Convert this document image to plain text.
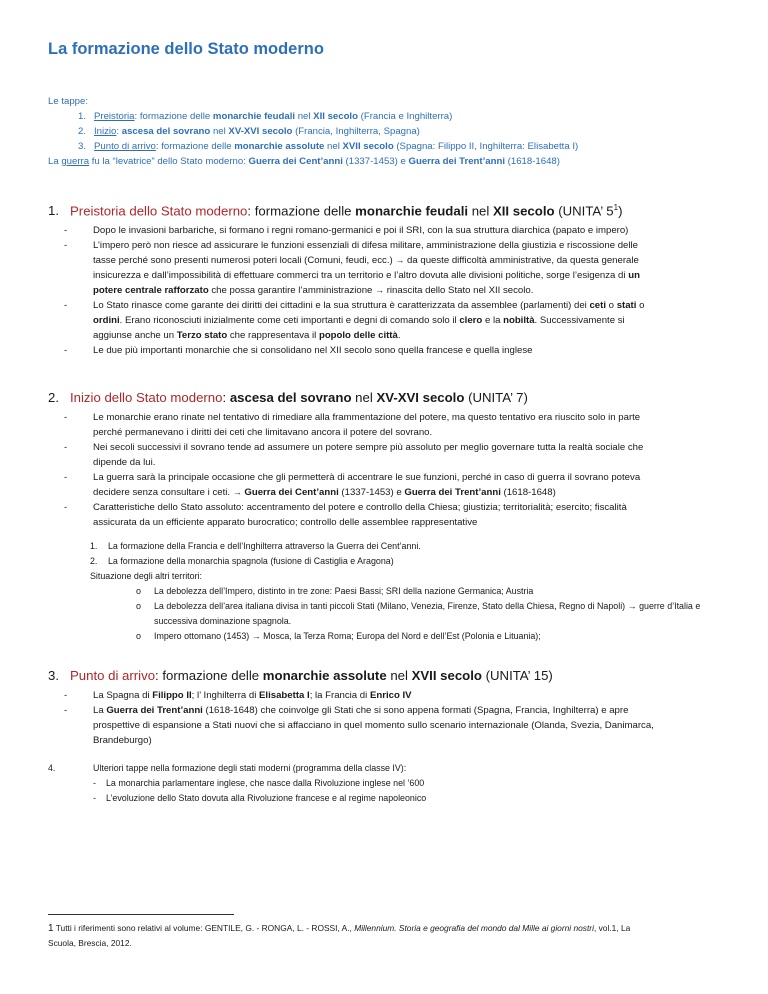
La formazione dello Stato moderno
Le tappe:
1. Preistoria: formazione delle monarchie feudali nel XII secolo (Francia e Inghilterra)
2. Inizio: ascesa del sovrano nel XV-XVI secolo (Francia, Inghilterra, Spagna)
3. Punto di arrivo: formazione delle monarchie assolute nel XVII secolo (Spagna: Filippo II, Inghilterra: Elisabetta I)
La guerra fu la “levatrice” dello Stato moderno: Guerra dei Cent’anni (1337-1453) e Guerra dei Trent’anni (1618-1648)
1. Preistoria dello Stato moderno: formazione delle monarchie feudali nel XII secolo (UNITA’ $5^1$)

-	Dopo le invasioni barbariche, si formano i regni romano-germanici e poi il SRI, con la sua struttura diarchica (papato e impero)

-	L’impero però non riesce ad assicurare le funzioni essenziali di difesa militare, amministrazione della giustizia e riscossione delle
tasse perché sono presenti numerosi poteri locali (Comuni, feudi, ecc.) → da queste difficoltà amministrative, da questa generale
insicurezza e dall’impossibilità di effettuare commerci tra un territorio e l’altro dovuta alle divisioni politiche, sorge l’esigenza di un
potere centrale rafforzato che possa garantire l’amministrazione → rinascita dello Stato nel XII secolo.

-	Lo Stato rinasce come garante dei diritti dei cittadini e la sua struttura è caratterizzata da assemblee (parlamenti) dei ceti o stati o
ordini. Erano riconosciuti inizialmente come ceti importanti e degni di comando solo il clero e la nobiltà. Successivamente si
aggiunse anche un Terzo stato che rappresentava il popolo delle città.

-	Le due più importanti monarchie che si consolidano nel XII secolo sono quella francese e quella inglese

2. Inizio dello Stato moderno: ascesa del sovrano nel XV-XVI secolo (UNITA’ 7)

-	Le monarchie erano rinate nel tentativo di rimediare alla frammentazione del potere, ma questo tentativo era riuscito solo in parte
perché permanevano i diritti dei ceti che limitavano ancora il potere del sovrano.

-	Nei secoli successivi il sovrano tende ad assumere un potere sempre più assoluto per meglio governare tutta la realtà sociale che
dipende da lui.

-	La guerra sarà la principale occasione che gli permetterà di accentrare le sue funzioni, perché in caso di guerra il sovrano poteva
decidere senza consultare i ceti. → Guerra dei Cent’anni (1337-1453) e Guerra dei Trent’anni (1618-1648)

-	Caratteristiche dello Stato assoluto: accentramento del potere e controllo della Chiesa; giustizia; territorialità; esercito; fiscalità
assicurata da un efficiente apparato burocratico; controllo delle assemblee rappresentative

1. La formazione della Francia e dell’Inghilterra attraverso la Guerra dei Cent’anni.
2. La formazione della monarchia spagnola (fusione di Castiglia e Aragona)
Situazione degli altri territori:
o La debolezza dell’Impero, distinto in tre zone: Paesi Bassi; SRI della nazione Germanica; Austria
o La debolezza dell’area italiana divisa in tanti piccoli Stati (Milano, Venezia, Firenze, Stato della Chiesa, Regno di Napoli) → guerre d’Italia e
successiva dominazione spagnola.
o Impero ottomano (1453) → Mosca, la Terza Roma; Europa del Nord e dell’Est (Polonia e Lituania);
3. Punto di arrivo: formazione delle monarchie assolute nel XVII secolo (UNITA’ 15)

-	La Spagna di Filippo II; l’ Inghilterra di Elisabetta I; la Francia di Enrico IV

-	La Guerra dei Trent’anni (1618-1648) che coinvolge gli Stati che si sono appena formati (Spagna, Francia, Inghilterra) e apre
prospettive di espansione a Stati nuovi che si affacciano in quel momento sullo scenario internazionale (Olanda, Svezia, Danimarca,
Brandeburgo)

4.	Ulteriori tappe nella formazione degli stati moderni (programma della classe IV):
- La monarchia parlamentare inglese, che nasce dalla Rivoluzione inglese nel ’600
- L’evoluzione dello Stato dovuta alla Rivoluzione francese e al regime napoleonico
1 Tutti i riferimenti sono relativi al volume: GENTILE, G. - RONGA, L. - ROSSI, A., Millennium. Storia e geografia del mondo dal Mille ai giorni nostri, vol.1, La
Scuola, Brescia, 2012.
